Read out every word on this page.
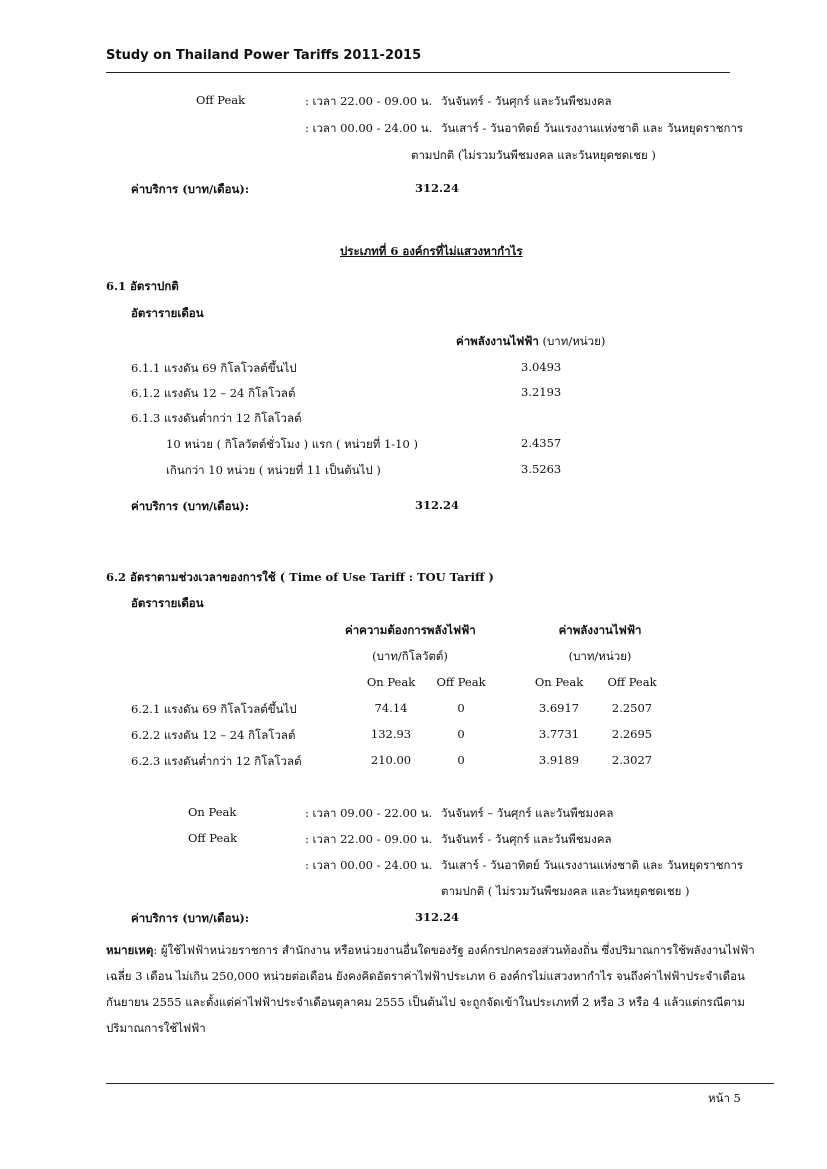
Study on Thailand Power Tariffs 2011-2015
Off Peak	: เวลา 22.00 - 09.00 น. วันจันทร์ - วันศุกร์ และวันพืชมงคล
: เวลา 00.00 - 24.00 น. วันเสาร์ - วันอาทิตย์ วันแรงงานแห่งชาติ และ วันหยุดราชการ
ตามปกติ (ไม่รวมวันพืชมงคล และวันหยุดชดเชย )
ค่าบริการ (บาท/เดือน):	312.24
ประเภทที่ 6 องค์กรที่ไม่แสวงหากำไร
6.1 อัตราปกติ
อัตรารายเดือน
ค่าพลังงานไฟฟ้า (บาท/หน่วย)
6.1.1 แรงดัน 69 กิโลโวลต์ขึ้นไป	3.0493
6.1.2 แรงดัน 12 – 24 กิโลโวลต์	3.2193
6.1.3 แรงดันต่ำกว่า 12 กิโลโวลต์
10 หน่วย ( กิโลวัตต์ชั่วโมง ) แรก ( หน่วยที่ 1-10 )	2.4357
เกินกว่า 10 หน่วย ( หน่วยที่ 11 เป็นต้นไป )	3.5263
ค่าบริการ (บาท/เดือน):	312.24
6.2 อัตราตามช่วงเวลาของการใช้ ( Time of Use Tariff : TOU Tariff )
อัตรารายเดือน
ค่าความต้องการพลังไฟฟ้า
(บาท/กิโลวัตต์)
ค่าพลังงานไฟฟ้า
(บาท/หน่วย)
On Peak	Off Peak	On Peak	Off Peak
6.2.1 แรงดัน 69 กิโลโวลต์ขึ้นไป	74.14	0	3.6917	2.2507
6.2.2 แรงดัน 12 – 24 กิโลโวลต์	132.93	0	3.7731	2.2695
6.2.3 แรงดันต่ำกว่า 12 กิโลโวลต์	210.00	0	3.9189	2.3027
On Peak	: เวลา 09.00 - 22.00 น. วันจันทร์ – วันศุกร์ และวันพืชมงคล
Off Peak	: เวลา 22.00 - 09.00 น. วันจันทร์ - วันศุกร์ และวันพืชมงคล
: เวลา 00.00 - 24.00 น. วันเสาร์ - วันอาทิตย์ วันแรงงานแห่งชาติ และ วันหยุดราชการ
ตามปกติ ( ไม่รวมวันพืชมงคล และวันหยุดชดเชย )
ค่าบริการ (บาท/เดือน):	312.24
หมายเหตุ: ผู้ใช้ไฟฟ้าหน่วยราชการ สำนักงาน หรือหน่วยงานอื่นใดของรัฐ องค์กรปกครองส่วนท้องถิ่น ซึ่งปริมาณการใช้พลังงานไฟฟ้าเฉลี่ย 3 เดือน ไม่เกิน 250,000 หน่วยต่อเดือน ยังคงคิดอัตราค่าไฟฟ้าประเภท 6 องค์กรไม่แสวงหากำไร จนถึงค่าไฟฟ้าประจำเดือนกันยายน 2555 และตั้งแต่ค่าไฟฟ้าประจำเดือนตุลาคม 2555 เป็นต้นไป จะถูกจัดเข้าในประเภทที่ 2 หรือ 3 หรือ 4 แล้วแต่กรณีตามปริมาณการใช้ไฟฟ้า
หน้า 5
